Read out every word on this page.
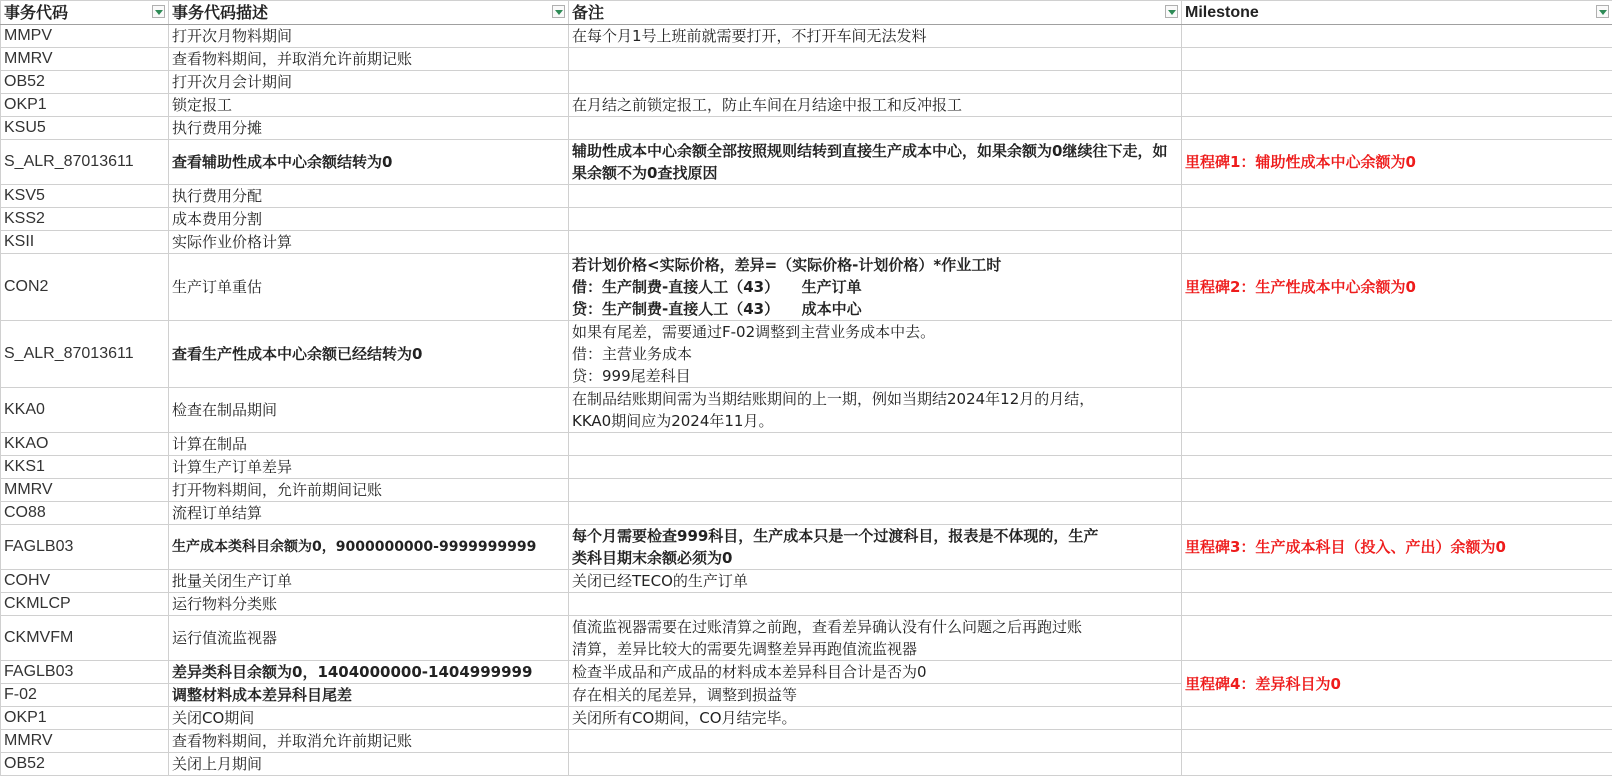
事务代码	事务代码描述	备注	Milestone

MMPV	打开次月物料期间	在每个月1号上班前就需要打开，不打开车间无法发料	
MMRV	查看物料期间，并取消允许前期记账		
OB52	打开次月会计期间		
OKP1	锁定报工	在月结之前锁定报工，防止车间在月结途中报工和反冲报工	
KSU5	执行费用分摊		
S_ALR_87013611	查看辅助性成本中心余额结转为0	辅助性成本中心余额全部按照规则结转到直接生产成本中心，如果余额为0继续往下走，如果余额不为0查找原因	里程碑1：辅助性成本中心余额为0
KSV5	执行费用分配		
KSS2	成本费用分割		
KSII	实际作业价格计算		
CON2	生产订单重估	若计划价格<实际价格，差异=（实际价格-计划价格）*作业工时
借：生产制费-直接人工（43）　　生产订单
贷：生产制费-直接人工（43）　　成本中心	里程碑2：生产性成本中心余额为0
S_ALR_87013611	查看生产性成本中心余额已经结转为0	如果有尾差，需要通过F-02调整到主营业务成本中去。
借：主营业务成本
贷：999尾差科目	

KKA0	检查在制品期间	在制品结账期间需为当期结账期间的上一期，例如当期结2024年12月的月结，
KKA0期间应为2024年11月。	

KKAO	计算在制品		
KKS1	计算生产订单差异		
MMRV	打开物料期间，允许前期间记账		
CO88	流程订单结算		
FAGLB03	生产成本类科目余额为0，9000000000-9999999999	每个月需要检查999科目，生产成本只是一个过渡科目，报表是不体现的，生产
类科目期末余额必须为0	里程碑3：生产成本科目（投入、产出）余额为0
COHV	批量关闭生产订单	关闭已经TECO的生产订单	
CKMLCP	运行物料分类账		
CKMVFM	运行值流监视器	值流监视器需要在过账清算之前跑，查看差异确认没有什么问题之后再跑过账
清算，差异比较大的需要先调整差异再跑值流监视器	

FAGLB03	差异类科目余额为0，1404000000-1404999999	检查半成品和产成品的材料成本差异科目合计是否为0	里程碑4：差异科目为0
F-02	调整材料成本差异科目尾差	存在相关的尾差异，调整到损益等	
OKP1	关闭CO期间	关闭所有CO期间，CO月结完毕。	
MMRV	查看物料期间，并取消允许前期记账		
OB52	关闭上月期间		
